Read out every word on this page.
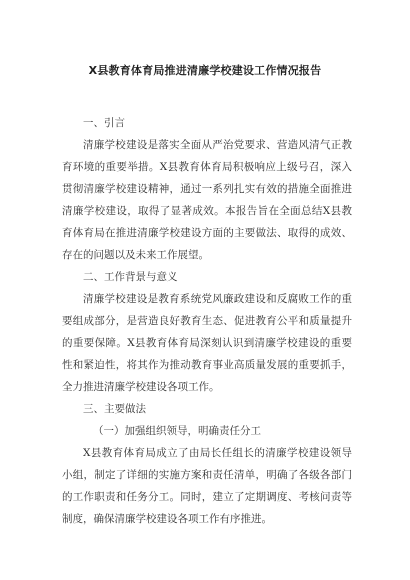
X县教育体育局推进清廉学校建设工作情况报告

一、引言

清廉学校建设是落实全面从严治党要求、营造风清气正教育环境的重要举措。X县教育体育局积极响应上级号召，深入贯彻清廉学校建设精神，通过一系列扎实有效的措施全面推进清廉学校建设，取得了显著成效。本报告旨在全面总结X县教育体育局在推进清廉学校建设方面的主要做法、取得的成效、存在的问题以及未来工作展望。

二、工作背景与意义

清廉学校建设是教育系统党风廉政建设和反腐败工作的重要组成部分，是营造良好教育生态、促进教育公平和质量提升的重要保障。X县教育体育局深刻认识到清廉学校建设的重要性和紧迫性，将其作为推动教育事业高质量发展的重要抓手，全力推进清廉学校建设各项工作。

三、主要做法

（一）加强组织领导，明确责任分工

X县教育体育局成立了由局长任组长的清廉学校建设领导小组，制定了详细的实施方案和责任清单，明确了各级各部门的工作职责和任务分工。同时，建立了定期调度、考核问责等制度，确保清廉学校建设各项工作有序推进。
